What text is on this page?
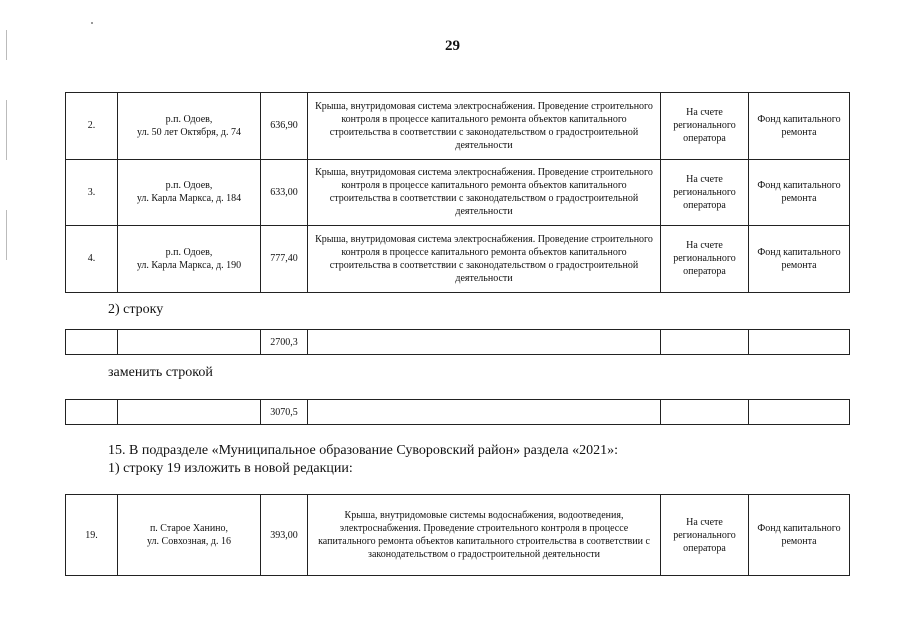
29
2.	р.п. Одоев,
ул. 50 лет Октября, д. 74	636,90	Крыша, внутридомовая система электроснабжения. Проведение строительного контроля в процессе капитального ремонта объектов капитального строительства в соответствии с законодательством о градостроительной деятельности	На счете регионального оператора	Фонд капитального ремонта
3.	р.п. Одоев,
ул. Карла Маркса, д. 184	633,00	Крыша, внутридомовая система электроснабжения. Проведение строительного контроля в процессе капитального ремонта объектов капитального строительства в соответствии с законодательством о градостроительной деятельности	На счете регионального оператора	Фонд капитального ремонта
4.	р.п. Одоев,
ул. Карла Маркса, д. 190	777,40	Крыша, внутридомовая система электроснабжения. Проведение строительного контроля в процессе капитального ремонта объектов капитального строительства в соответствии с законодательством о градостроительной деятельности	На счете регионального оператора	Фонд капитального ремонта
2) строку
		2700,3			
заменить строкой
		3070,5			
15. В подразделе «Муниципальное образование Суворовский район» раздела «2021»:
1) строку 19 изложить в новой редакции:
19.	п. Старое Ханино,
ул. Совхозная, д. 16	393,00	Крыша, внутридомовые системы водоснабжения, водоотведения, электроснабжения. Проведение строительного контроля в процессе капитального ремонта объектов капитального строительства в соответствии с законодательством о градостроительной деятельности	На счете регионального оператора	Фонд капитального ремонта
